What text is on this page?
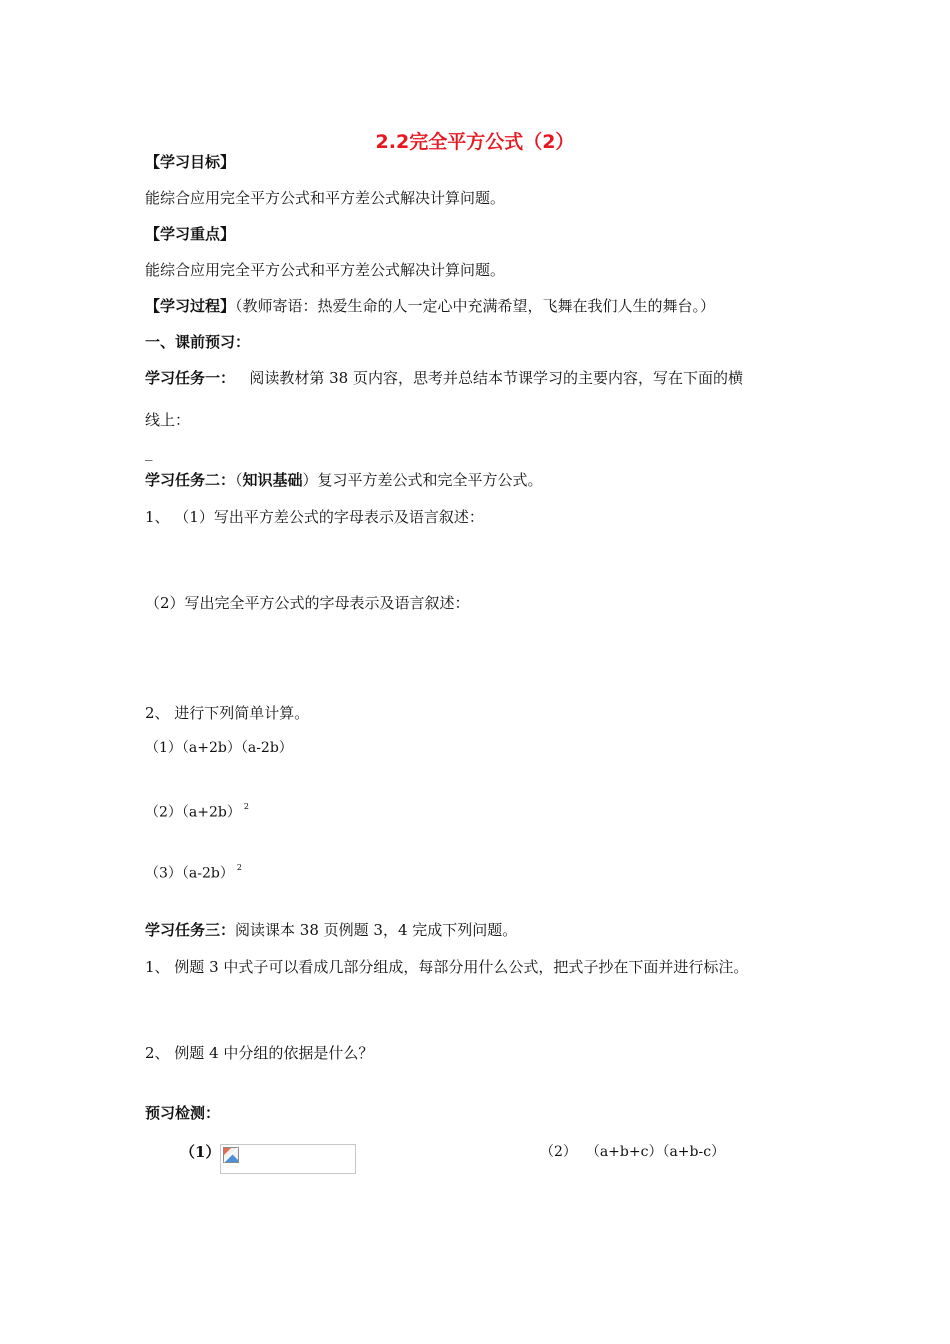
2.2完全平方公式（2）
【学习目标】
能综合应用完全平方公式和平方差公式解决计算问题。
【学习重点】
能综合应用完全平方公式和平方差公式解决计算问题。
【学习过程】（教师寄语：热爱生命的人一定心中充满希望，飞舞在我们人生的舞台。）
一、课前预习：
学习任务一：   阅读教材第 38 页内容，思考并总结本节课学习的主要内容，写在下面的横
线上：
_
学习任务二：（知识基础）复习平方差公式和完全平方公式。
1、 （1）写出平方差公式的字母表示及语言叙述：
（2）写出完全平方公式的字母表示及语言叙述：
2、 进行下列简单计算。
（1）（a+2b）（a-2b）
（2）（a+2b） $^2$
（3）（a-2b） $^2$
学习任务三：阅读课本 38 页例题 3，4 完成下列问题。
1、 例题 3 中式子可以看成几部分组成，每部分用什么公式，把式子抄在下面并进行标注。
2、 例题 4 中分组的依据是什么？
预习检测：
（1）	（2） （a+b+c）（a+b-c）
